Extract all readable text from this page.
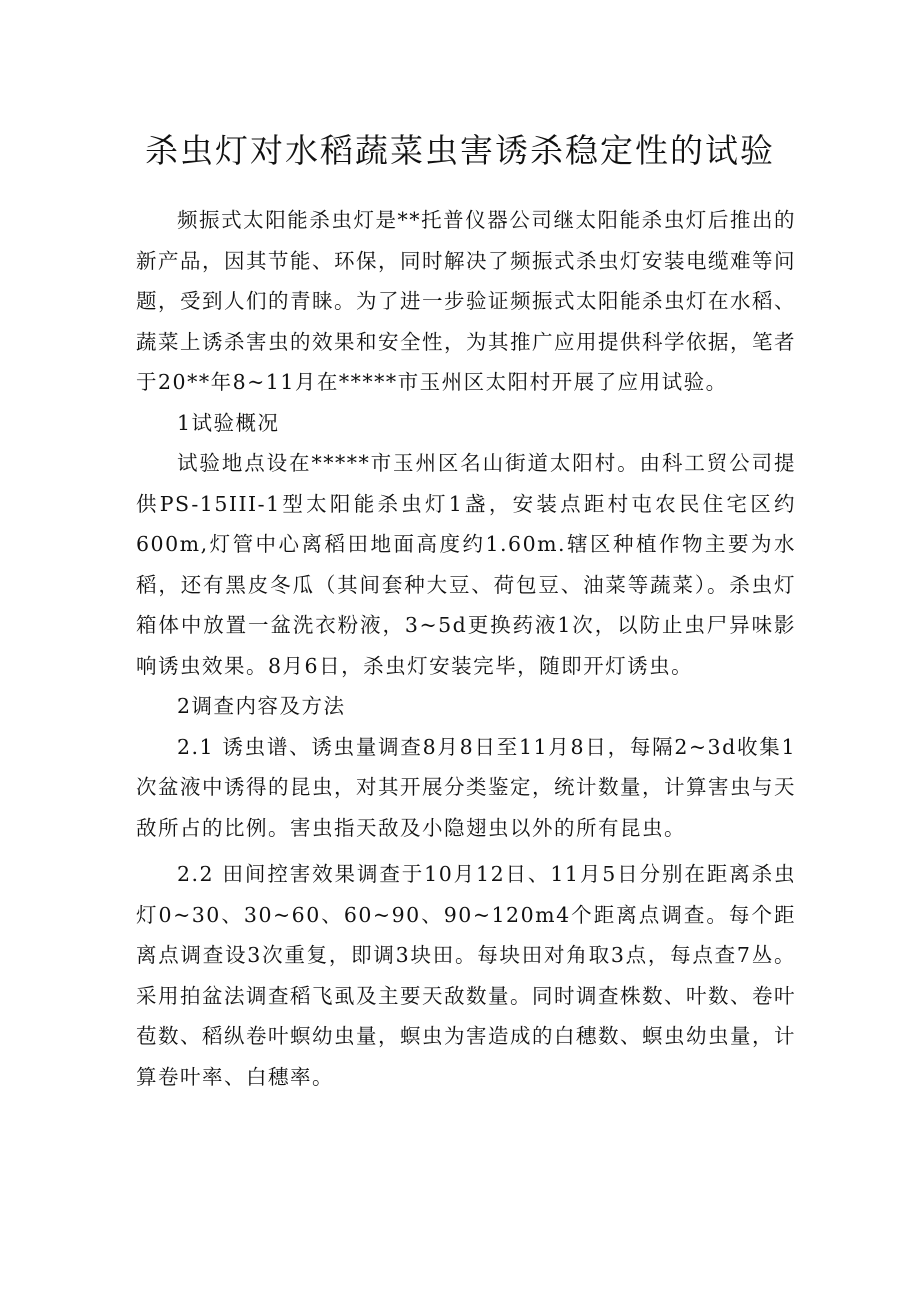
杀虫灯对水稻蔬菜虫害诱杀稳定性的试验

频振式太阳能杀虫灯是**托普仪器公司继太阳能杀虫灯后推出的新产品，因其节能、环保，同时解决了频振式杀虫灯安装电缆难等问题，受到人们的青睐。为了进一步验证频振式太阳能杀虫灯在水稻、蔬菜上诱杀害虫的效果和安全性，为其推广应用提供科学依据，笔者于20**年8~11月在*****市玉州区太阳村开展了应用试验。

1试验概况

试验地点设在*****市玉州区名山街道太阳村。由科工贸公司提供PS-15III-1型太阳能杀虫灯1盏，安装点距村屯农民住宅区约600m,灯管中心离稻田地面高度约1.60m.辖区种植作物主要为水稻，还有黑皮冬瓜（其间套种大豆、荷包豆、油菜等蔬菜）。杀虫灯箱体中放置一盆洗衣粉液，3~5d更换药液1次，以防止虫尸异味影响诱虫效果。8月6日，杀虫灯安装完毕，随即开灯诱虫。

2调查内容及方法

2.1 诱虫谱、诱虫量调查8月8日至11月8日，每隔2~3d收集1次盆液中诱得的昆虫，对其开展分类鉴定，统计数量，计算害虫与天敌所占的比例。害虫指天敌及小隐翅虫以外的所有昆虫。

2.2 田间控害效果调查于10月12日、11月5日分别在距离杀虫灯0~30、30~60、60~90、90~120m4个距离点调查。每个距离点调查设3次重复，即调3块田。每块田对角取3点，每点查7丛。采用拍盆法调查稻飞虱及主要天敌数量。同时调查株数、叶数、卷叶苞数、稻纵卷叶螟幼虫量，螟虫为害造成的白穗数、螟虫幼虫量，计算卷叶率、白穗率。
